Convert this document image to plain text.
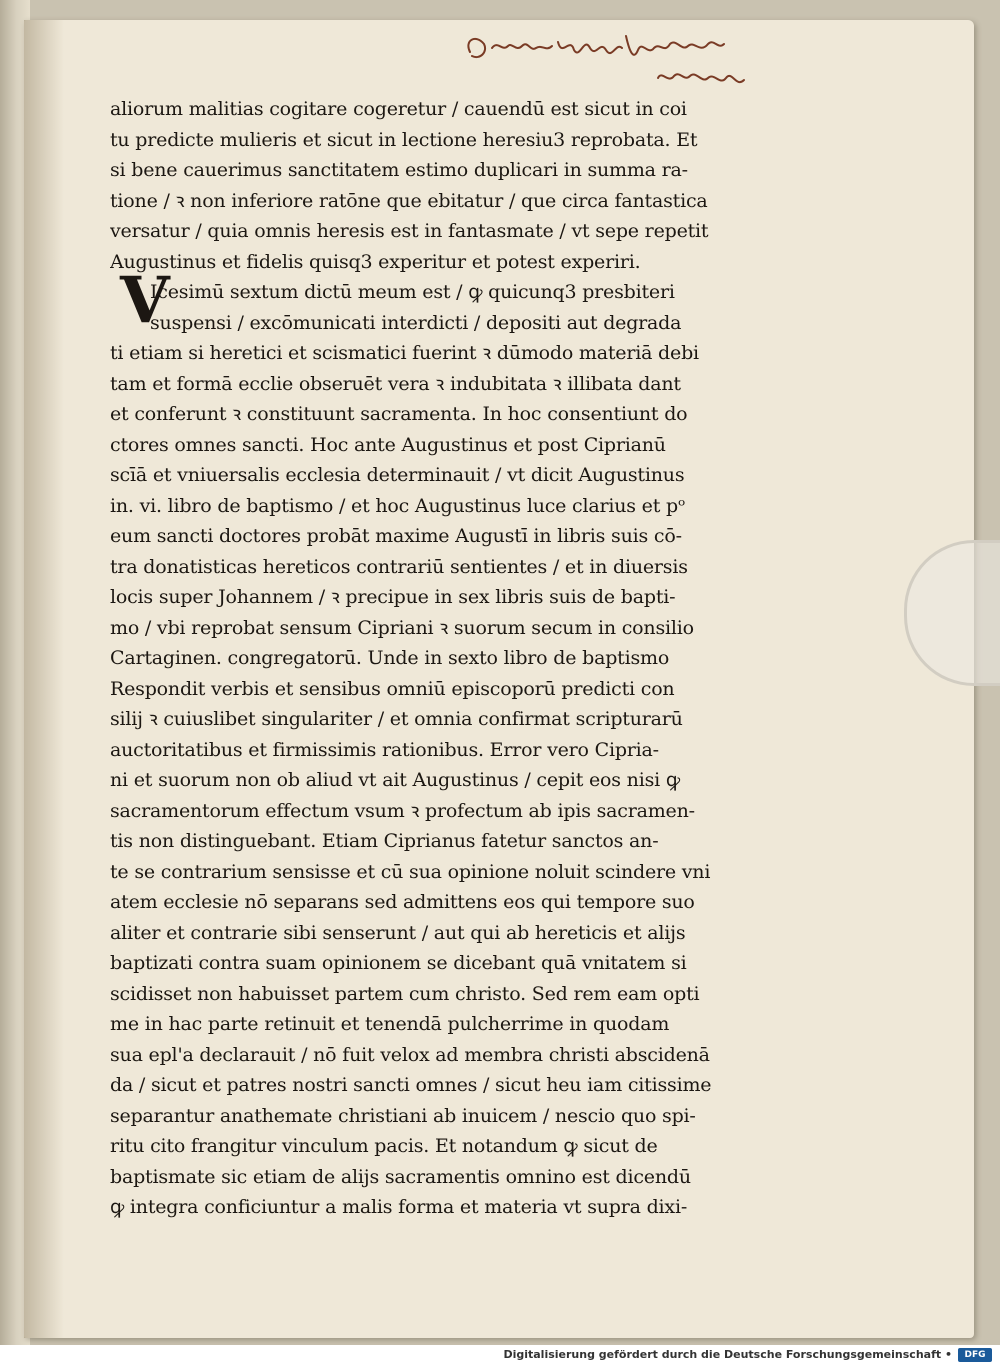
V
aliorum malitias cogitare cogeretur / cauendū est sicut in coi
tu predicte mulieris et sicut in lectione heresiu3 reprobata. Et
si bene cauerimus sanctitatem estimo duplicari in summa ra-
tione / ꝛ non inferiore ratōne que ebitatur / que circa fantastica
versatur / quia omnis heresis est in fantasmate / vt sepe repetit
Augustinus et fidelis quisq3 experitur et potest experiri.
Icesimū sextum dictū meum est / ꝙ quicunq3 presbiteri
suspensi / excōmunicati interdicti / depositi aut degrada
ti etiam si heretici et scismatici fuerint ꝛ dūmodo materiā debi
tam et formā ecclie obseruēt vera ꝛ indubitata ꝛ illibata dant
et conferunt ꝛ constituunt sacramenta. In hoc consentiunt do
ctores omnes sancti. Hoc ante Augustinus et post Ciprianū
scīā et vniuersalis ecclesia determinauit / vt dicit Augustinus
in. vi. libro de baptismo / et hoc Augustinus luce clarius et pᵒ
eum sancti doctores probāt maxime Augustī in libris suis cō-
tra donatisticas hereticos contrariū sentientes / et in diuersis
locis super Johannem / ꝛ precipue in sex libris suis de bapti-
mo / vbi reprobat sensum Cipriani ꝛ suorum secum in consilio
Cartaginen. congregatorū. Unde in sexto libro de baptismo
Respondit verbis et sensibus omniū episcoporū predicti con
silij ꝛ cuiuslibet singulariter / et omnia confirmat scripturarū
auctoritatibus et firmissimis rationibus. Error vero Cipria-
ni et suorum non ob aliud vt ait Augustinus / cepit eos nisi ꝙ
sacramentorum effectum vsum ꝛ profectum ab ipis sacramen-
tis non distinguebant. Etiam Ciprianus fatetur sanctos an-
te se contrarium sensisse et cū sua opinione noluit scindere vni
atem ecclesie nō separans sed admittens eos qui tempore suo
aliter et contrarie sibi senserunt / aut qui ab hereticis et alijs
baptizati contra suam opinionem se dicebant quā vnitatem si
scidisset non habuisset partem cum christo. Sed rem eam opti
me in hac parte retinuit et tenendā pulcherrime in quodam
sua epl'a declarauit / nō fuit velox ad membra christi abscidenā
da / sicut et patres nostri sancti omnes / sicut heu iam citissime
separantur anathemate christiani ab inuicem / nescio quo spi-
ritu cito frangitur vinculum pacis. Et notandum ꝙ sicut de
baptismate sic etiam de alijs sacramentis omnino est dicendū
ꝙ integra conficiuntur a malis forma et materia vt supra dixi-
Digitalisierung gefördert durch die Deutsche Forschungsgemeinschaft •	DFG
